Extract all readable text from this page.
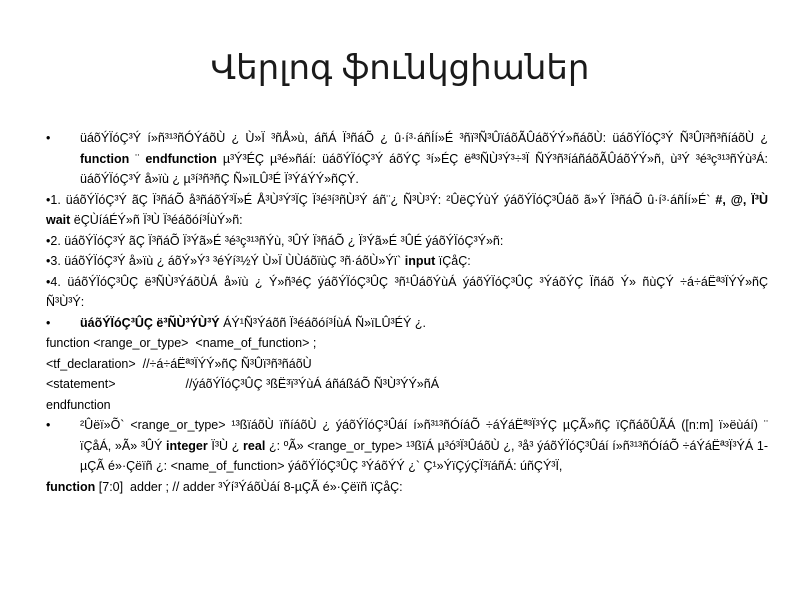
Վերլոգ ֆունկցիաներ
• üáõÝÏóÇ³Ý í»ñ³¹³ñÓÝáõÙ ¿ Ù»Ï ³ñÅ»ù, áñÁ Ï³ñáÕ ¿ û·í³·áñÍí»É ³ñï³Ñ³ÛïáõÃÛáõÝÝ»ñáõÙ: üáõÝÏóÇ³Ý Ñ³Ûï³ñ³ñíáõÙ ¿ function ¨ endfunction µ³Ý³ÉÇ µ³é»ñáí: üáõÝÏóÇ³Ý áõÝÇ ³í»ÉÇ ëª³ÑÙ³Ý³÷³Ï ÑÝ³ñ³íáñáõÃÛáõÝÝ»ñ, ù³Ý ³é³ç³¹³ñÝù³Á: üáõÝÏóÇ³Ý å»ïù ¿ µ³í³ñ³ñÇ Ñ»ïLÛ³É Ï³ÝáÝÝ»ñÇÝ.
•1. üáõÝÏóÇ³Ý ãÇ Ï³ñáÕ å³ñáõÝ³Ï»É Å³Ù³Ý³ÏÇ Ï³é³í³ñÙ³Ý áñ¨¿ Ñ³Ù³Ý: ²ÛëÇÝùÝ ýáõÝÏóÇ³Ûáõ ã»Ý Ï³ñáÕ û·í³·áñÍí»É` #, @, Ï³Ù wait ëÇÙíáÉÝ»ñ Ï³Ù Ï³éáõóí³ÍùÝ»ñ:
•2. üáõÝÏóÇ³Ý ãÇ Ï³ñáÕ Ï³Ýã»É ³é³ç³¹³ñÝù, ³ÛÝ Ï³ñáÕ ¿ Ï³Ýã»É ³ÛÉ ýáõÝÏóÇ³Ý»ñ:
•3. üáõÝÏóÇ³Ý å»ïù ¿ áõÝ»Ý³ ³éÝí³½Ý Ù»Ï ÙÙáõïùÇ ³ñ·áõÙ»Ýï` input ïÇåÇ:
•4. üáõÝÏóÇ³ÛÇ ë³ÑÙ³ÝáõÙÁ å»ïù ¿ Ý»ñ³éÇ ýáõÝÏóÇ³ÛÇ ³ñ¹ÛáõÝùÁ ýáõÝÏóÇ³ÛÇ ³ÝáõÝÇ Ïñáõ Ý» ñùÇÝ ÷á÷áËª³ÏÝÝ»ñÇ Ñ³Ù³Ý:
• üáõÝÏóÇ³ÛÇ ë³ÑÙ³ÝÙ³Ý ÁÝ¹Ñ³Ýáõñ Ï³éáõóí³ÍùÁ Ñ»ïLÛ³ÉÝ ¿.
function <range_or_type>  <name_of_function> ;
<tf_declaration>  //÷á÷áËª³ÏÝÝ»ñÇ Ñ³Ûï³ñ³ñáõÙ
<statement>	//ýáõÝÏóÇ³ÛÇ ³ßË³ï³ÝùÁ áñáßáÕ Ñ³Ù³ÝÝ»ñÁ
endfunction
• ²Ûëï»Õ` <range_or_type> ¹³ßïáõÙ ïñíáõÙ ¿ ýáõÝÏóÇ³Ûáí í»ñ³¹³ñÓíáÕ ÷áÝáËª³Ï³ÝÇ µÇÃ»ñÇ ïÇñáõÛÃÁ ([n:m] ï»ëùáí) ¨ ïÇåÁ, »Ã» ³ÛÝ integer Ï³Ù ¿ real ¿: ºÃ» <range_or_type> ¹³ßïÁ µ³ó³Ï³ÛáõÙ ¿, ³å³ ýáõÝÏóÇ³Ûáí í»ñ³¹³ñÓíáÕ ÷áÝáËª³Ï³ÝÁ 1-µÇÃ é»·Çëïñ ¿: <name_of_function> ýáõÝÏóÇ³ÛÇ ³ÝáõÝÝ ¿` Ç¹»ÝïÇýÇÏ³ïáñÁ: úñÇÝ³Ï,
function [7:0]  adder ; // adder ³Ýí³ÝáõÙáí 8-µÇÃ é»·Çëïñ ïÇåÇ:
